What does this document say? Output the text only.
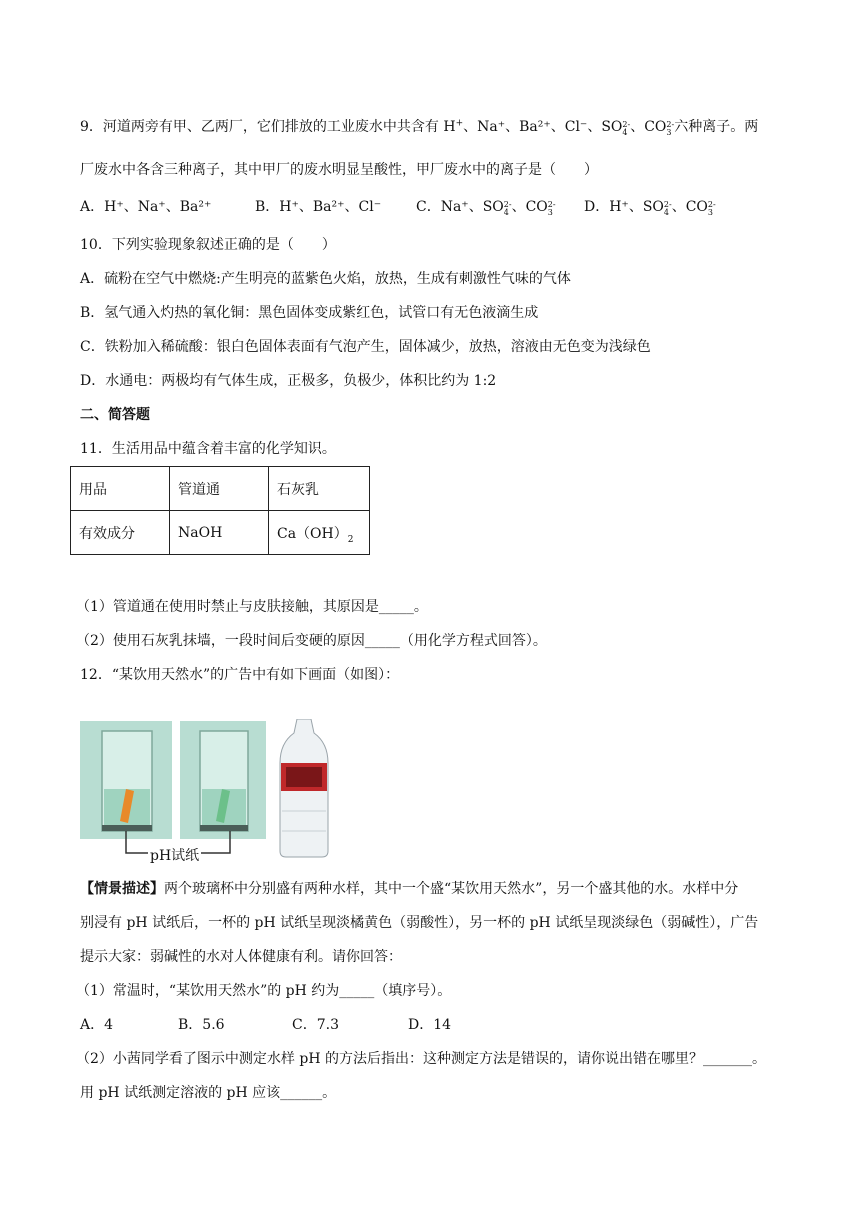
9．河道两旁有甲、乙两厂，它们排放的工业废水中共含有 H+、Na⁺、Ba²⁺、Cl⁻、SO2-
4 、CO2-
3 六种离子。两
厂废水中各含三种离子，其中甲厂的废水明显呈酸性，甲厂废水中的离子是（　　）
A．H⁺、Na⁺、Ba²⁺	B．H⁺、Ba²⁺、Cl⁻ C．Na⁺、SO2-
4 、CO2-
3 D．H⁺、SO2-
4 、CO2-
3
10．下列实验现象叙述正确的是（　　）
A．硫粉在空气中燃烧:产生明亮的蓝紫色火焰，放热，生成有刺激性气味的气体
B．氢气通入灼热的氧化铜：黑色固体变成紫红色，试管口有无色液滴生成
C．铁粉加入稀硫酸：银白色固体表面有气泡产生，固体减少，放热，溶液由无色变为浅绿色
D．水通电：两极均有气体生成，正极多，负极少，体积比约为 1:2
二、简答题
11．生活用品中蕴含着丰富的化学知识。
用品	管道通	石灰乳
有效成分	NaOH	$Ca(OH)_2$
（1）管道通在使用时禁止与皮肤接触，其原因是_____。
（2）使用石灰乳抹墙，一段时间后变硬的原因_____（用化学方程式回答）。
12．“某饮用天然水”的广告中有如下画面（如图）：
pH试纸
【情景描述】两个玻璃杯中分别盛有两种水样，其中一个盛“某饮用天然水”，另一个盛其他的水。水样中分
别浸有 pH 试纸后，一杯的 pH 试纸呈现淡橘黄色（弱酸性），另一杯的 pH 试纸呈现淡绿色（弱碱性），广告
提示大家：弱碱性的水对人体健康有利。请你回答：
（1）常温时，“某饮用天然水”的 pH 约为_____（填序号）。
A．4	B．5.6	C．7.3	D．14
（2）小茜同学看了图示中测定水样 pH 的方法后指出：这种测定方法是错误的，请你说出错在哪里？_______。
用 pH 试纸测定溶液的 pH 应该______。
